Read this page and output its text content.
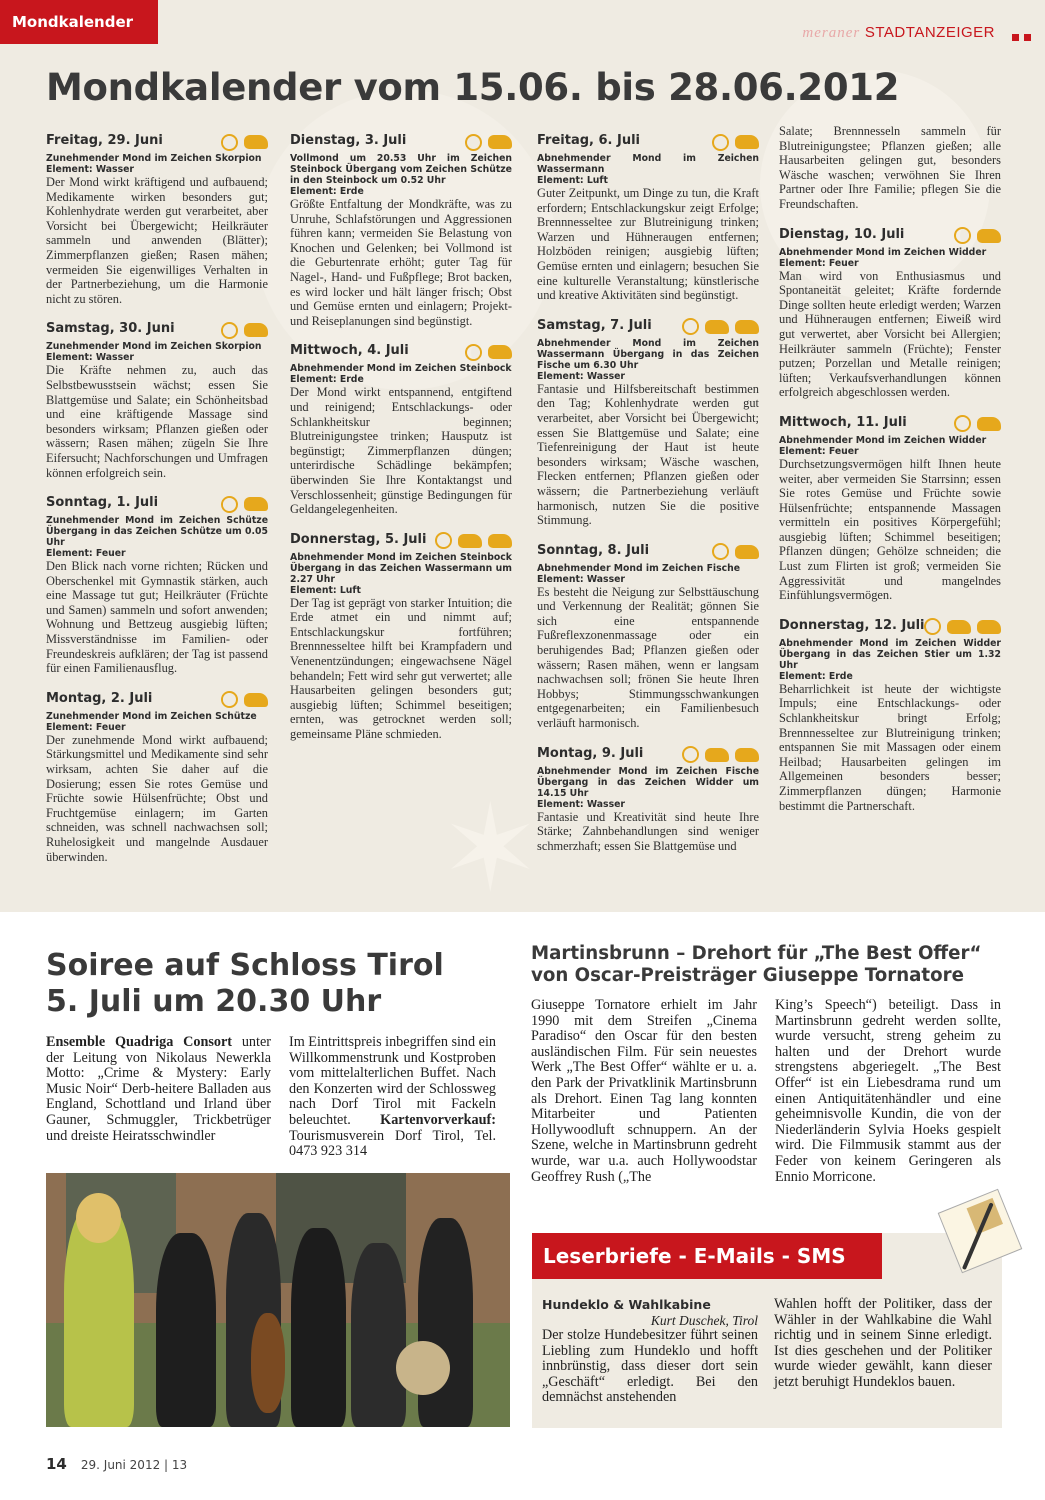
✶
Mondkalender
meraner STADTANZEIGER
Mondkalender vom 15.06. bis 28.06.2012
Freitag, 29. Juni
Zunehmender Mond im Zeichen Skorpion
Element: Wasser
Der Mond wirkt kräftigend und aufbauend; Medikamente wirken besonders gut; Kohlenhydrate werden gut verarbeitet, aber Vorsicht bei Übergewicht; Heilkräuter sammeln und anwenden (Blätter); Zimmerpflanzen gießen; Rasen mähen; vermeiden Sie eigenwilliges Verhalten in der Partnerbeziehung, um die Harmonie nicht zu stören.
Samstag, 30. Juni
Zunehmender Mond im Zeichen Skorpion
Element: Wasser
Die Kräfte nehmen zu, auch das Selbstbewusstsein wächst; essen Sie Blattgemüse und Salate; ein Schönheitsbad und eine kräftigende Massage sind besonders wirksam; Pflanzen gießen oder wässern; Rasen mähen; zügeln Sie Ihre Eifersucht; Nachforschungen und Umfragen können erfolgreich sein.
Sonntag, 1. Juli
Zunehmender Mond im Zeichen Schütze Übergang in das Zeichen Schütze um 0.05 Uhr
Element: Feuer
Den Blick nach vorne richten; Rücken und Oberschenkel mit Gymnastik stärken, auch eine Massage tut gut; Heilkräuter (Früchte und Samen) sammeln und sofort anwenden; Wohnung und Bettzeug ausgiebig lüften; Missverständnisse im Familien- oder Freundeskreis aufklären; der Tag ist passend für einen Familienausflug.
Montag, 2. Juli
Zunehmender Mond im Zeichen Schütze
Element: Feuer
Der zunehmende Mond wirkt aufbauend; Stärkungsmittel und Medikamente sind sehr wirksam, achten Sie daher auf die Dosierung; essen Sie rotes Gemüse und Früchte sowie Hülsenfrüchte; Obst und Fruchtgemüse einlagern; im Garten schneiden, was schnell nachwachsen soll; Ruhelosigkeit und mangelnde Ausdauer überwinden.
Dienstag, 3. Juli
Vollmond um 20.53 Uhr im Zeichen Steinbock Übergang vom Zeichen Schütze in den Steinbock um 0.52 Uhr
Element: Erde
Größte Entfaltung der Mondkräfte, was zu Unruhe, Schlafstörungen und Aggressionen führen kann; vermeiden Sie Belastung von Knochen und Gelenken; bei Vollmond ist die Geburtenrate erhöht; guter Tag für Nagel-, Hand- und Fußpflege; Brot backen, es wird locker und hält länger frisch; Obst und Gemüse ernten und einlagern; Projekt- und Reiseplanungen sind begünstigt.
Mittwoch, 4. Juli
Abnehmender Mond im Zeichen Steinbock
Element: Erde
Der Mond wirkt entspannend, entgiftend und reinigend; Entschlackungs- oder Schlankheitskur beginnen; Blutreinigungstee trinken; Hausputz ist begünstigt; Zimmerpflanzen düngen; unterirdische Schädlinge bekämpfen; überwinden Sie Ihre Kontaktangst und Verschlossenheit; günstige Bedingungen für Geldangelegenheiten.
Donnerstag, 5. Juli
Abnehmender Mond im Zeichen Steinbock Übergang in das Zeichen Wassermann um 2.27 Uhr
Element: Luft
Der Tag ist geprägt von starker Intuition; die Erde atmet ein und nimmt auf; Entschlackungskur fortführen; Brennnesseltee hilft bei Krampfadern und Venenentzündungen; eingewachsene Nägel behandeln; Fett wird sehr gut verwertet; alle Hausarbeiten gelingen besonders gut; ausgiebig lüften; Schimmel beseitigen; ernten, was getrocknet werden soll; gemeinsame Pläne schmieden.
Freitag, 6. Juli
Abnehmender Mond im Zeichen Wassermann
Element: Luft
Guter Zeitpunkt, um Dinge zu tun, die Kraft erfordern; Entschlackungskur zeigt Erfolge; Brennnesseltee zur Blutreinigung trinken; Warzen und Hühneraugen entfernen; Holzböden reinigen; ausgiebig lüften; Gemüse ernten und einlagern; besuchen Sie eine kulturelle Veranstaltung; künstlerische und kreative Aktivitäten sind begünstigt.
Samstag, 7. Juli
Abnehmender Mond im Zeichen Wassermann Übergang in das Zeichen Fische um 6.30 Uhr
Element: Wasser
Fantasie und Hilfsbereitschaft bestimmen den Tag; Kohlenhydrate werden gut verarbeitet, aber Vorsicht bei Übergewicht; essen Sie Blattgemüse und Salate; eine Tiefenreinigung der Haut ist heute besonders wirksam; Wäsche waschen, Flecken entfernen; Pflanzen gießen oder wässern; die Partnerbeziehung verläuft harmonisch, nutzen Sie die positive Stimmung.
Sonntag, 8. Juli
Abnehmender Mond im Zeichen Fische
Element: Wasser
Es besteht die Neigung zur Selbsttäuschung und Verkennung der Realität; gönnen Sie sich eine entspannende Fußreflexzonenmassage oder ein beruhigendes Bad; Pflanzen gießen oder wässern; Rasen mähen, wenn er langsam nachwachsen soll; frönen Sie heute Ihren Hobbys; Stimmungsschwankungen entgegenarbeiten; ein Familienbesuch verläuft harmonisch.
Montag, 9. Juli
Abnehmender Mond im Zeichen Fische Übergang in das Zeichen Widder um 14.15 Uhr
Element: Wasser
Fantasie und Kreativität sind heute Ihre Stärke; Zahnbehandlungen sind weniger schmerzhaft; essen Sie Blattgemüse und
Salate; Brennnesseln sammeln für Blutreinigungstee; Pflanzen gießen; alle Hausarbeiten gelingen gut, besonders Wäsche waschen; verwöhnen Sie Ihren Partner oder Ihre Familie; pflegen Sie die Freundschaften.
Dienstag, 10. Juli
Abnehmender Mond im Zeichen Widder
Element: Feuer
Man wird von Enthusiasmus und Spontaneität geleitet; Kräfte fordernde Dinge sollten heute erledigt werden; Warzen und Hühneraugen entfernen; Eiweiß wird gut verwertet, aber Vorsicht bei Allergien; Heilkräuter sammeln (Früchte); Fenster putzen; Porzellan und Metalle reinigen; lüften; Verkaufsverhandlungen können erfolgreich abgeschlossen werden.
Mittwoch, 11. Juli
Abnehmender Mond im Zeichen Widder
Element: Feuer
Durchsetzungsvermögen hilft Ihnen heute weiter, aber vermeiden Sie Starrsinn; essen Sie rotes Gemüse und Früchte sowie Hülsenfrüchte; entspannende Massagen vermitteln ein positives Körpergefühl; ausgiebig lüften; Schimmel beseitigen; Pflanzen düngen; Gehölze schneiden; die Lust zum Flirten ist groß; vermeiden Sie Aggressivität und mangelndes Einfühlungsvermögen.
Donnerstag, 12. Juli
Abnehmender Mond im Zeichen Widder Übergang in das Zeichen Stier um 1.32 Uhr
Element: Erde
Beharrlichkeit ist heute der wichtigste Impuls; eine Entschlackungs- oder Schlankheitskur bringt Erfolg; Brennnesseltee zur Blutreinigung trinken; entspannen Sie mit Massagen oder einem Heilbad; Hausarbeiten gelingen im Allgemeinen besonders besser; Zimmerpflanzen düngen; Harmonie bestimmt die Partnerschaft.
Soiree auf Schloss Tirol 5. Juli um 20.30 Uhr
Ensemble Quadriga Consort unter der Leitung von Nikolaus Newerkla Motto: „Crime & Mystery: Early Music Noir“ Derb-heitere Balladen aus England, Schottland und Irland über Gauner, Schmuggler, Trickbetrüger und dreiste Heiratsschwindler
Im Eintrittspreis inbegriffen sind ein Willkommenstrunk und Kostproben vom mittelalterlichen Buffet. Nach den Konzerten wird der Schlossweg nach Dorf Tirol mit Fackeln beleuchtet. Kartenvorverkauf: Tourismusverein Dorf Tirol, Tel. 0473 923 314
Martinsbrunn – Drehort für „The Best Offer“ von Oscar-Preisträger Giuseppe Tornatore
Giuseppe Tornatore erhielt im Jahr 1990 mit dem Streifen „Cinema Paradiso“ den Oscar für den besten ausländischen Film. Für sein neuestes Werk „The Best Offer“ wählte er u. a. den Park der Privatklinik Martinsbrunn als Drehort. Einen Tag lang konnten Mitarbeiter und Patienten Hollywoodluft schnuppern. An der Szene, welche in Martinsbrunn gedreht wurde, war u.a. auch Hollywoodstar Geoffrey Rush („The
King’s Speech“) beteiligt. Dass in Martinsbrunn gedreht werden sollte, wurde versucht, streng geheim zu halten und der Drehort wurde strengstens abgeriegelt. „The Best Offer“ ist ein Liebesdrama rund um einen Antiquitätenhändler und eine geheimnisvolle Kundin, die von der Niederländerin Sylvia Hoeks gespielt wird. Die Filmmusik stammt aus der Feder von keinem Geringeren als Ennio Morricone.
Leserbriefe - E-Mails - SMS
Hundeklo & Wahlkabine
Kurt Duschek, Tirol
Der stolze Hundebesitzer führt seinen Liebling zum Hundeklo und hofft innbrünstig, dass dieser dort sein „Geschäft“ erledigt. Bei den demnächst anstehenden
Wahlen hofft der Politiker, dass der Wähler in der Wahlkabine die Wahl richtig und in seinem Sinne erledigt. Ist dies geschehen und der Politiker wurde wieder gewählt, kann dieser jetzt beruhigt Hundeklos bauen.
14 29. Juni 2012 | 13
